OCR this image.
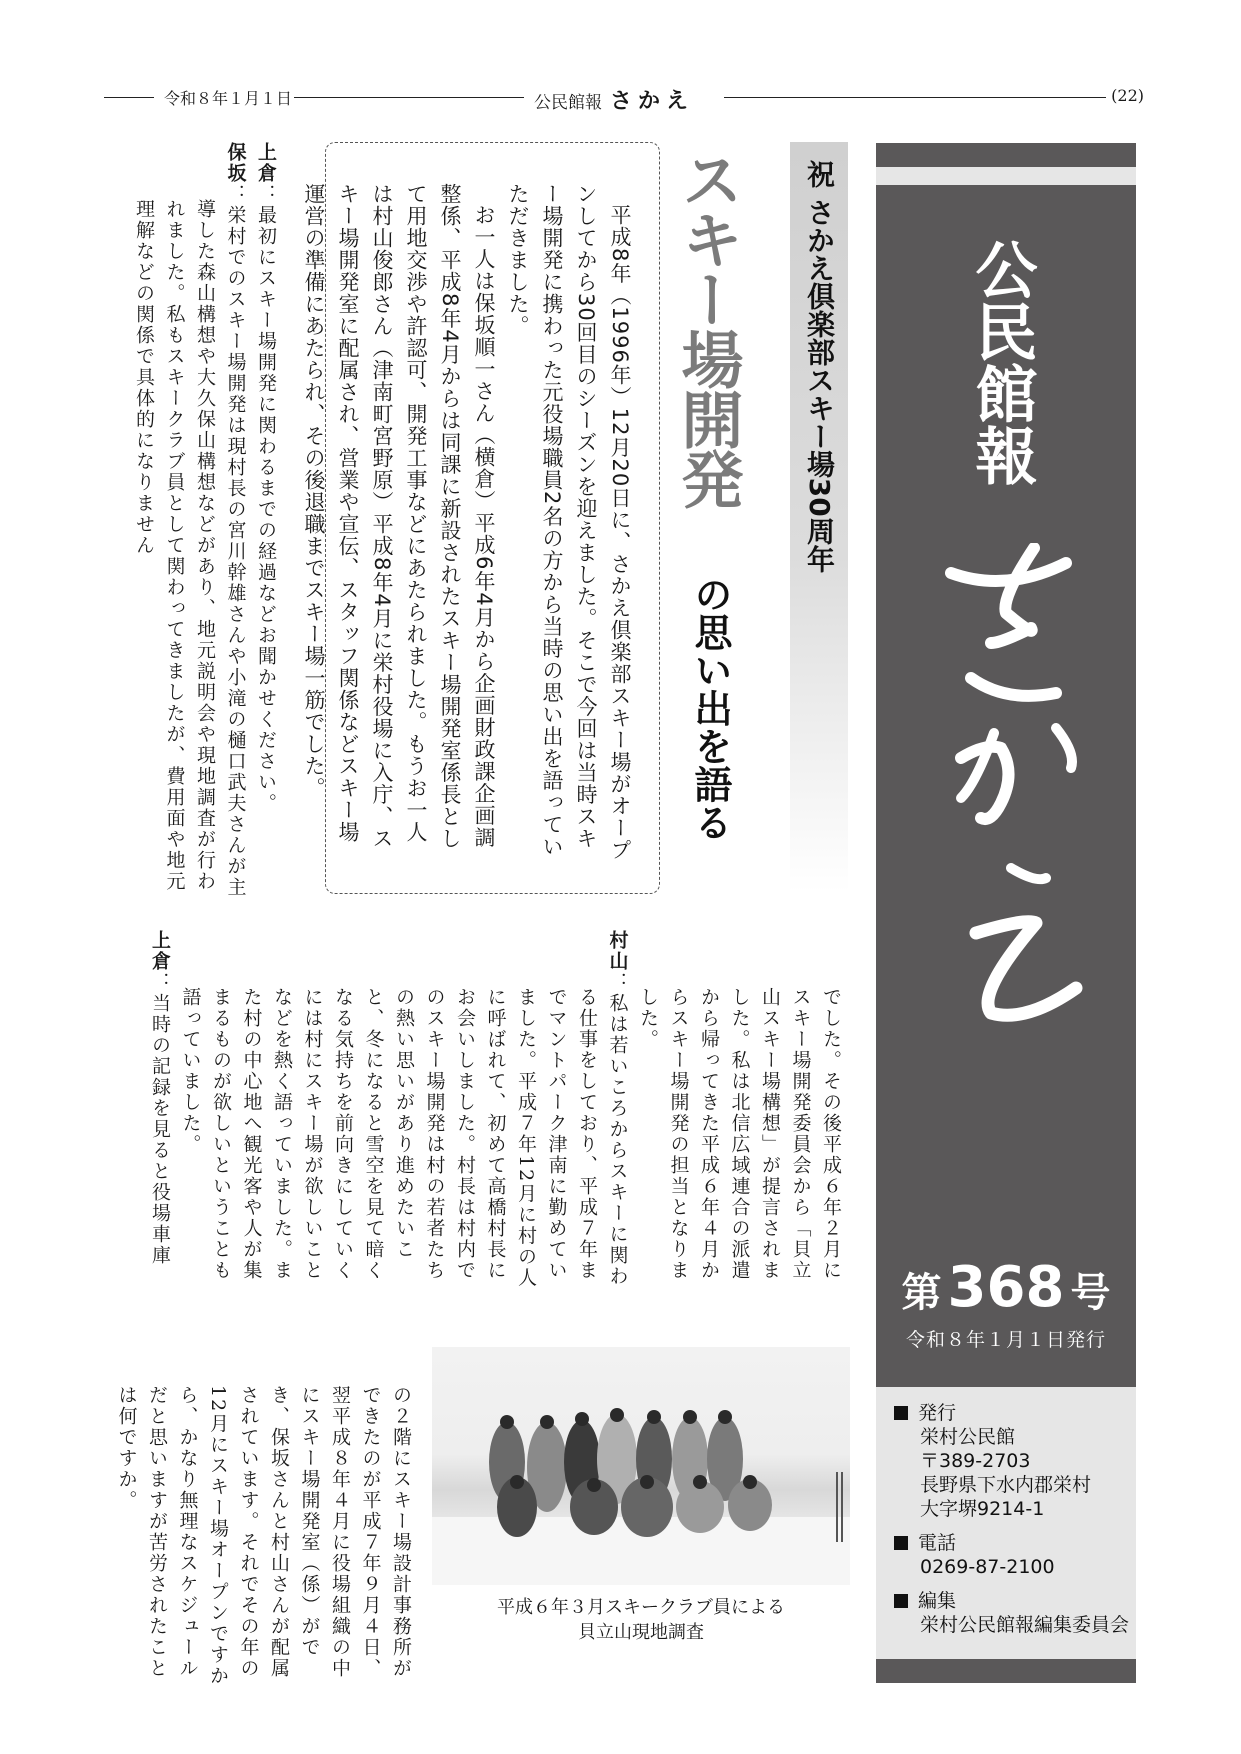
令和８年１月１日	公民館報 さかえ	(22)
祝 さかえ倶楽部スキー場30周年
スキー場開発
の思い出を語る

平成8年（1996年）12月20日に、さかえ倶楽部スキー場がオープンしてから30回目のシーズンを迎えました。そこで今回は当時スキー場開発に携わった元役場職員2名の方から当時の思い出を語っていただきました。

お一人は保坂順一さん（横倉）平成6年4月から企画財政課企画調整係、平成8年4月からは同課に新設されたスキー場開発室係長として用地交渉や許認可、開発工事などにあたられました。もうお一人は村山俊郎さん（津南町宮野原）平成8年4月に栄村役場に入庁、スキー場開発室に配属され、営業や宣伝、スタッフ関係などスキー場運営の準備にあたられ、その後退職までスキー場一筋でした。

上倉：最初にスキー場開発に関わるまでの経過などお聞かせください。

保坂：栄村でのスキー場開発は現村長の宮川幹雄さんや小滝の樋口武夫さんが主導した森山構想や大久保山構想などがあり、地元説明会や現地調査が行われました。私もスキークラブ員として関わってきましたが、費用面や地元理解などの関係で具体的になりません

でした。その後平成６年２月にスキー場開発委員会から「貝立山スキー場構想」が提言されました。私は北信広域連合の派遣から帰ってきた平成６年４月からスキー場開発の担当となりました。

村山：私は若いころからスキーに関わる仕事をしており、平成７年までマントパーク津南に勤めていました。平成７年12月に村の人に呼ばれて、初めて高橋村長にお会いしました。村長は村内でのスキー場開発は村の若者たちの熱い思いがあり進めたいこと、冬になると雪空を見て暗くなる気持ちを前向きにしていくには村にスキー場が欲しいことなどを熱く語っていました。また村の中心地へ観光客や人が集まるものが欲しいということも語っていました。

上倉：当時の記録を見ると役場車庫

の２階にスキー場設計事務所ができたのが平成７年９月４日、翌平成８年４月に役場組織の中にスキー場開発室（係）ができ、保坂さんと村山さんが配属されています。それでその年の12月にスキー場オープンですから、かなり無理なスケジュールだと思いますが苦労されたことは何ですか。

平成６年３月スキークラブ員による
貝立山現地調査
公民館報
第 368 号
令和８年１月１日発行
発行
栄村公民館
〒389-2703
長野県下水内郡栄村
大字堺9214-1
電話
0269-87-2100
編集
栄村公民館報編集委員会
